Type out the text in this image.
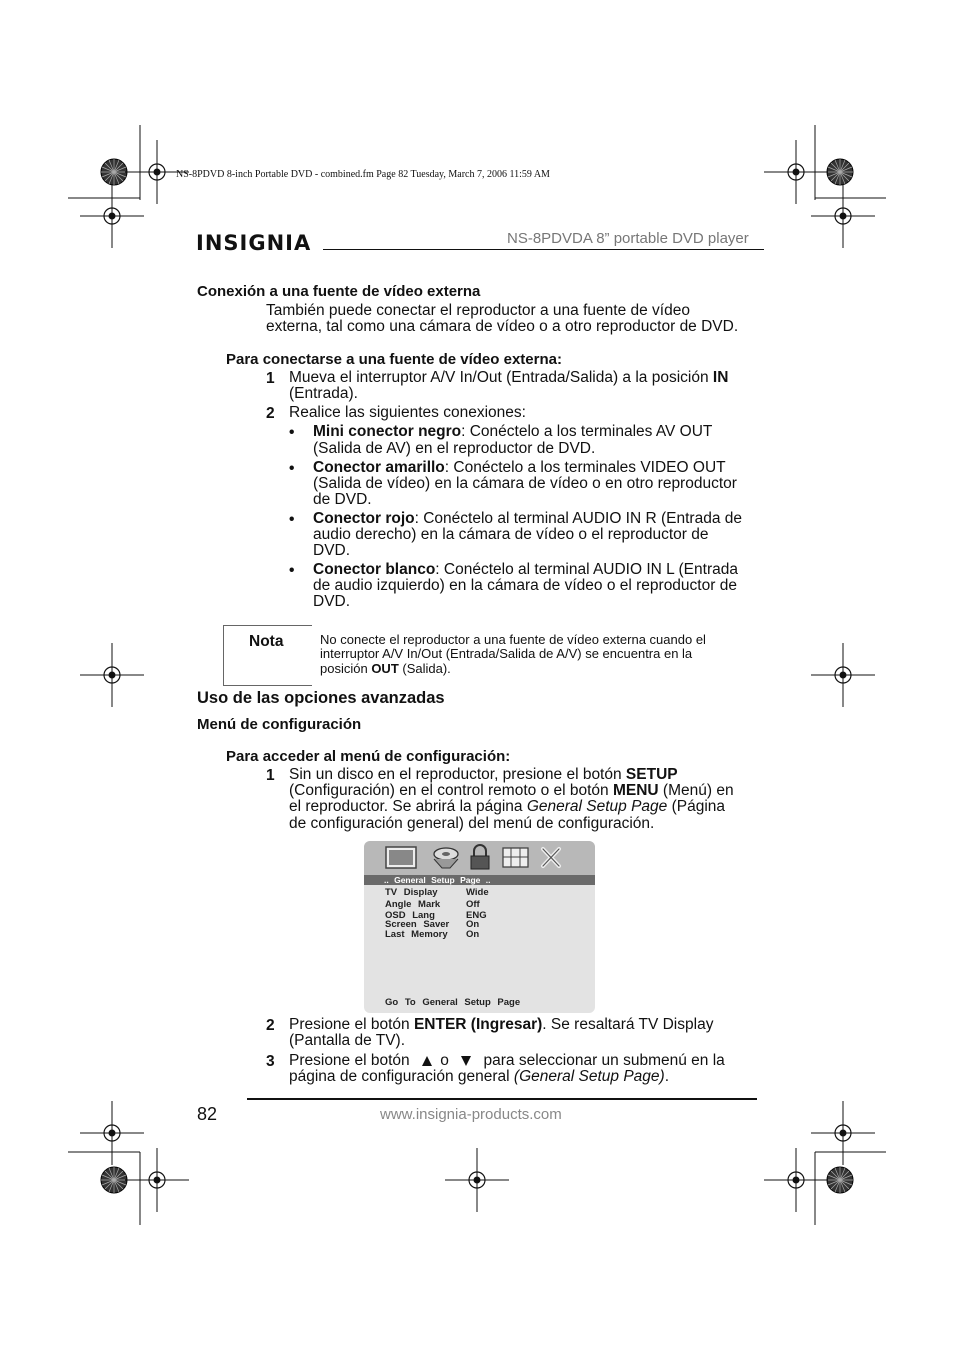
NS-8PDVD 8-inch Portable DVD - combined.fm Page 82 Tuesday, March 7, 2006 11:59 AM
INSIGNIA	NS-8PDVDA 8” portable DVD player
Conexión a una fuente de vídeo externa
También puede conectar el reproductor a una fuente de vídeo
externa, tal como una cámara de vídeo o a otro reproductor de DVD.
Para conectarse a una fuente de vídeo externa:
1 Mueva el interruptor A/V In/Out (Entrada/Salida) a la posición IN
(Entrada).
2 Realice las siguientes conexiones:
• Mini conector negro: Conéctelo a los terminales AV OUT
(Salida de AV) en el reproductor de DVD.
• Conector amarillo: Conéctelo a los terminales VIDEO OUT
(Salida de vídeo) en la cámara de vídeo o en otro reproductor
de DVD.
• Conector rojo: Conéctelo al terminal AUDIO IN R (Entrada de
audio derecho) en la cámara de vídeo o el reproductor de
DVD.
• Conector blanco: Conéctelo al terminal AUDIO IN L (Entrada
de audio izquierdo) en la cámara de vídeo o el reproductor de
DVD.
Nota	No conecte el reproductor a una fuente de vídeo externa cuando el
interruptor A/V In/Out (Entrada/Salida de A/V) se encuentra en la
posición OUT (Salida).
Uso de las opciones avanzadas
Menú de configuración
Para acceder al menú de configuración:
1 Sin un disco en el reproductor, presione el botón SETUP
(Configuración) en el control remoto o el botón MENU (Menú) en
el reproductor. Se abrirá la página General Setup Page (Página
de configuración general) del menú de configuración.
.. General Setup Page ..
TV Display	Wide
Angle Mark	Off
OSD Lang	ENG
Screen Saver On
Last Memory On
Go To General Setup Page
2 Presione el botón ENTER (Ingresar). Se resaltará TV Display
(Pantalla de TV).
3 Presione el botón o para seleccionar un submenú en la
página de configuración general (General Setup Page).
82	www.insignia-products.com
